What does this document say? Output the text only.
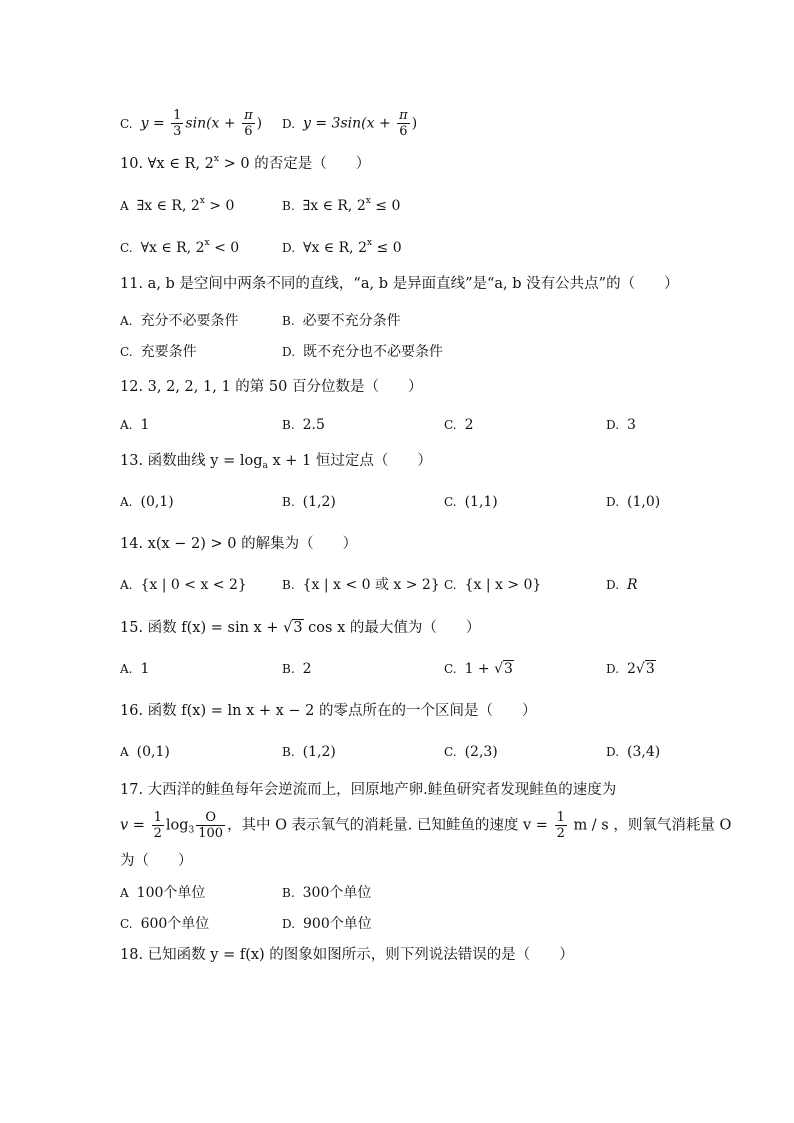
C. $y = \frac{1}{3} \sin(x + \frac{\pi}{6}$ ) D. $y = 3\sin(x + \frac{\pi}{6}$ )
10. ∀x ∈ R, $2^x > 0$ 的否定是（　　）
A ∃x ∈ R, $2^x > 0$	B. ∃x ∈ R, $2^x \le 0$
C. ∀x ∈ R, $2^x < 0$	D. ∀x ∈ R, $2^x \le 0$
11. a, b 是空间中两条不同的直线，“a, b 是异面直线”是“a, b 没有公共点”的（　　）
A. 充分不必要条件	B. 必要不充分条件
C. 充要条件	D. 既不充分也不必要条件
12. 3, 2, 2, 1, 1 的第 50 百分位数是（　　）
A. 1	B. 2.5	C. 2	D. 3
13. 函数曲线 $y = \log_a x + 1$ 恒过定点（　　）
A. (0,1)	B. (1,2)	C. (1,1)	D. (1,0)
14. x(x − 2) > 0 的解集为（　　）
A. {x | 0 < x < 2}	B. {x | x < 0 或 x > 2} C. {x | x > 0}	D. R
15. 函数 f(x) = sin x + √3 cos x 的最大值为（　　）
A. 1	B. 2	C. 1 + √3	D. 2√3
16. 函数 f(x) = ln x + x − 2 的零点所在的一个区间是（　　）
A (0,1)	B. (1,2)	C. (2,3)	D. (3,4)
17. 大西洋的鲑鱼每年会逆流而上，回原地产卵.鲑鱼研究者发现鲑鱼的速度为
$v = \frac{1}{2} \log_3 \frac{O}{100}$ ，其中 O 表示氧气的消耗量. 已知鲑鱼的速度 $v = \frac{1}{2}$ m / s ，则氧气消耗量 O
为（　　）
A 100个单位	B. 300个单位
C. 600个单位	D. 900个单位
18. 已知函数 y = f(x) 的图象如图所示，则下列说法错误的是（　　）
